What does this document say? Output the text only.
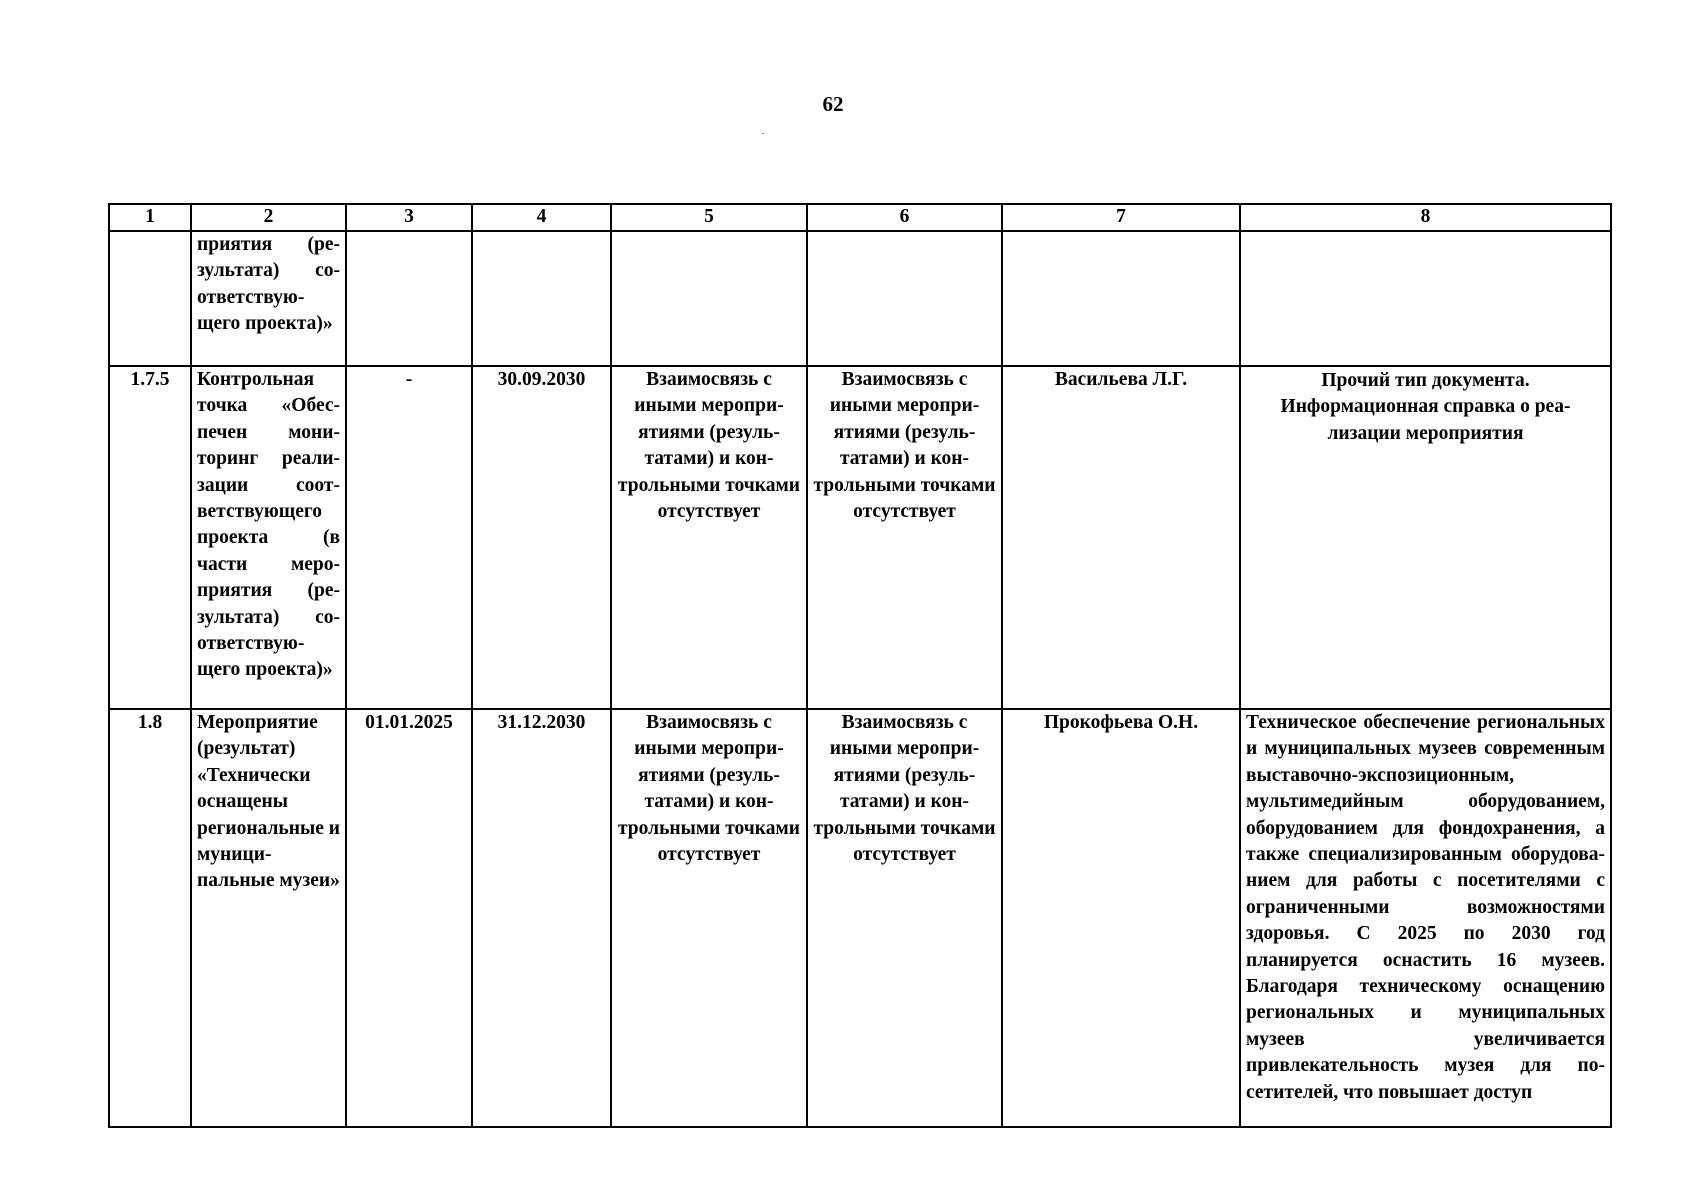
62
1	2	3	4	5	6	7	8
	приятия (результата) соответствующего проекта)»						
1.7.5	Контрольная точка «Обеспечен мониторинг реализации соответствующего проекта (в части мероприятия (результата) соответствующего проекта)»	-	30.09.2030	Взаимосвязь с иными мероприятиями (результатами) и контрольными точками отсутствует	Взаимосвязь с иными мероприятиями (результатами) и контрольными точками отсутствует	Васильева Л.Г.	Прочий тип документа. Информационная справка о реализации мероприятия
1.8	Мероприятие (результат) «Технически оснащены региональные и муниципальные музеи»	01.01.2025	31.12.2030	Взаимосвязь с иными мероприятиями (результатами) и контрольными точками отсутствует	Взаимосвязь с иными мероприятиями (результатами) и контрольными точками отсутствует	Прокофьева О.Н.	Техническое обеспечение региональных и муниципальных музеев современным выставочно-экспозиционным, мультимедийным оборудованием, оборудованием для фондохранения, а также специализированным оборудованием для работы с посетителями с ограниченными возможностями здоровья. С 2025 по 2030 год планируется оснастить 16 музеев. Благодаря техническому оснащению региональных и муниципальных музеев увеличивается привлекательность музея для посетителей, что повышает доступ
